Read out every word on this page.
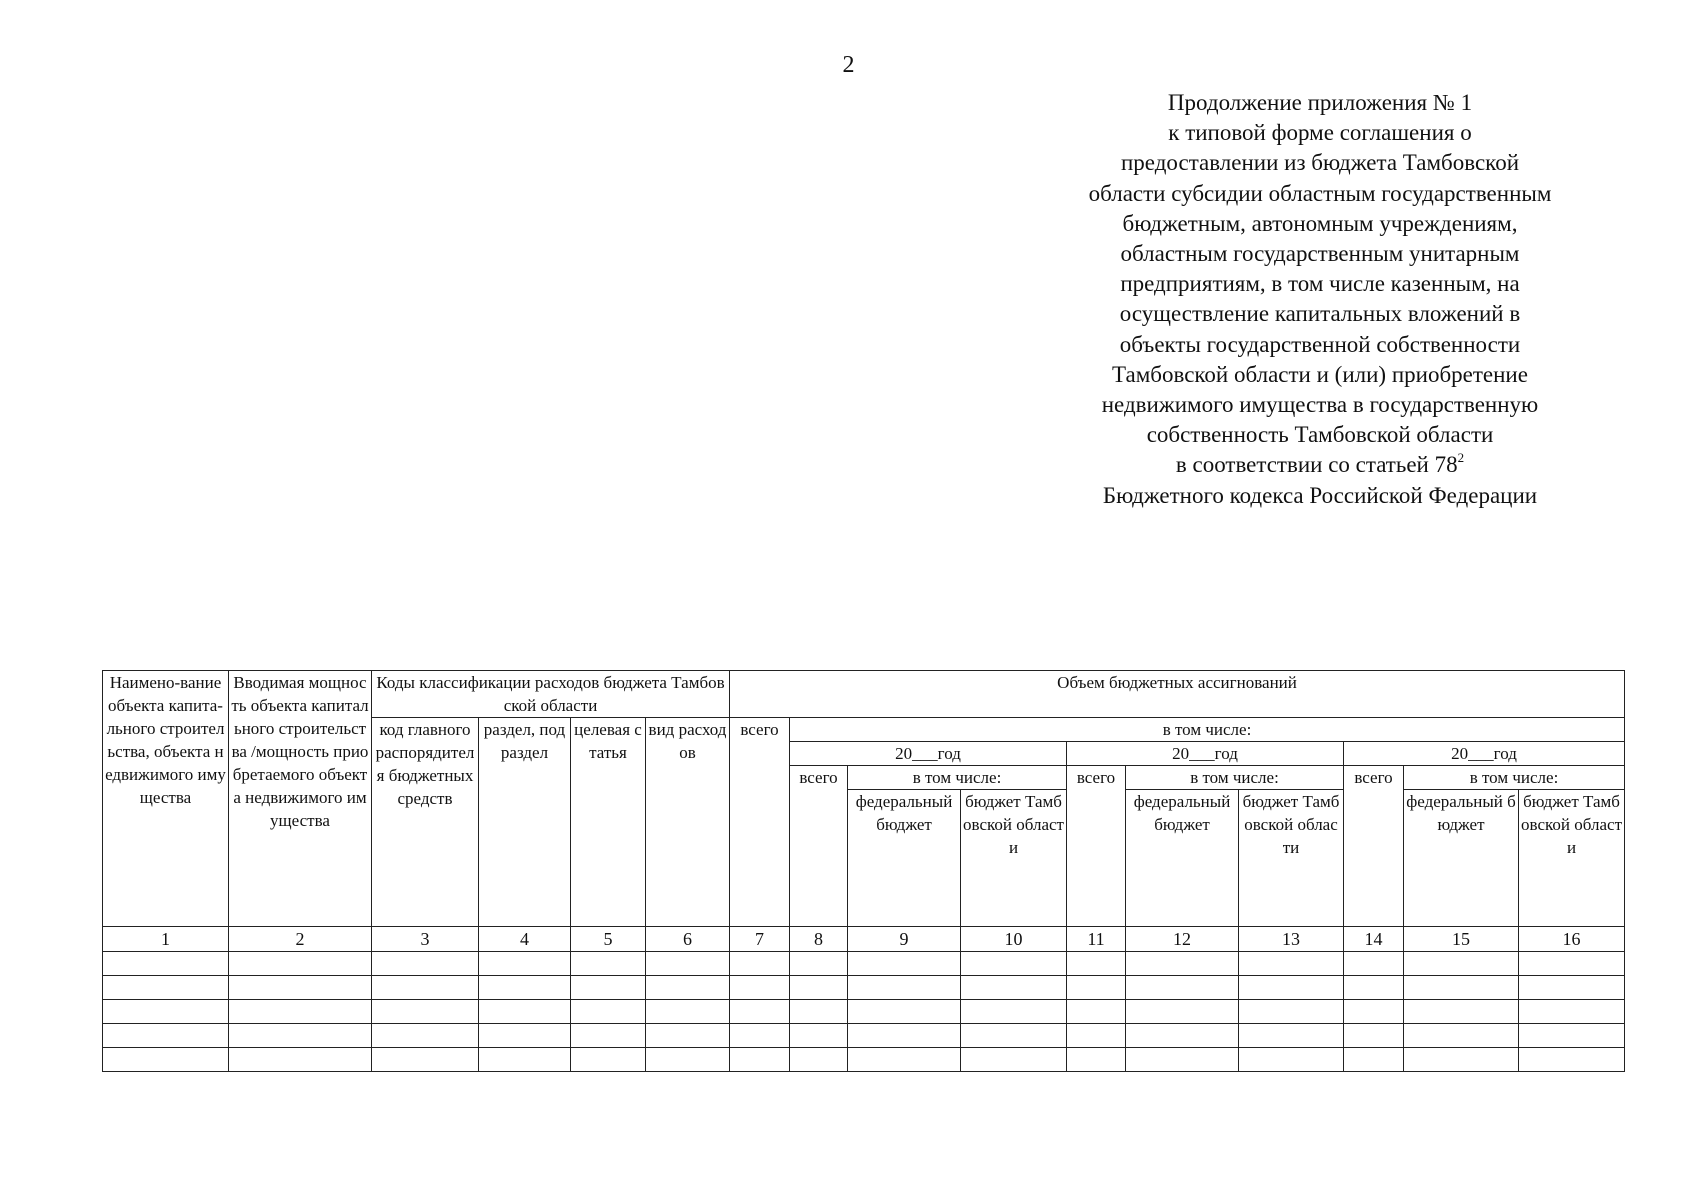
2
Продолжение приложения № 1
к типовой форме соглашения о
предоставлении из бюджета Тамбовской
области субсидии областным государственным
бюджетным, автономным учреждениям,
областным государственным унитарным
предприятиям, в том числе казенным, на
осуществление капитальных вложений в
объекты государственной собственности
Тамбовской области и (или) приобретение
недвижимого имущества в государственную
собственность Тамбовской области
в соответствии со статьей $78^2$
Бюджетного кодекса Российской Федерации
Наимено-вание объекта капита-льного строительства, объекта недвижимого имущества	Вводимая мощность объекта капитального строительства /мощность приобретаемого объекта недвижимого имущества	Коды классификации расходов бюджета Тамбовской области				Объем бюджетных ассигнований									
		код главного распорядителя бюджетных средств	раздел, подраздел	целевая статья	вид расходов	всего	в том числе:								
							20___год			20___год			20___год		
							всего	в том числе:		всего	в том числе:		всего	в том числе:	
								федеральный бюджет	бюджет Тамбовской области		федеральный бюджет	бюджет Тамбовской области		федеральный бюджет	бюджет Тамбовской области
1	2	3	4	5	6	7	8	9	10	11	12	13	14	15	16
